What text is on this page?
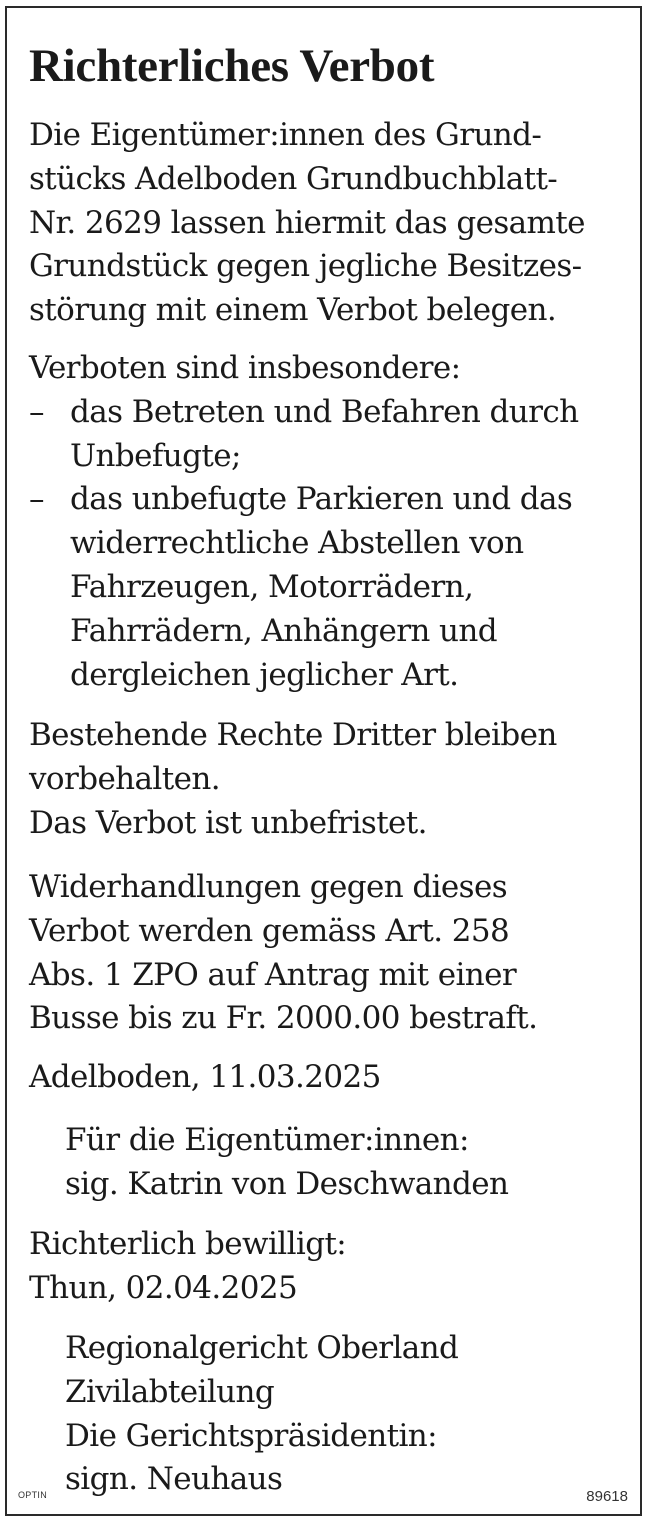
Richterliches Verbot

Die Eigentümer:innen des Grund-
stücks Adelboden Grundbuchblatt-
Nr. 2629 lassen hiermit das gesamte
Grundstück gegen jegliche Besitzes-
störung mit einem Verbot belegen.

Verboten sind insbesondere:
– das Betreten und Befahren durch
Unbefugte;
– das unbefugte Parkieren und das
widerrechtliche Abstellen von
Fahrzeugen, Motorrädern,
Fahrrädern, Anhängern und
dergleichen jeglicher Art.

Bestehende Rechte Dritter bleiben
vorbehalten.
Das Verbot ist unbefristet.

Widerhandlungen gegen dieses
Verbot werden gemäss Art. 258
Abs. 1 ZPO auf Antrag mit einer
Busse bis zu Fr. 2000.00 bestraft.

Adelboden, 11.03.2025

Für die Eigentümer:innen:
sig. Katrin von Deschwanden

Richterlich bewilligt:
Thun, 02.04.2025

Regionalgericht Oberland
Zivilabteilung
Die Gerichtspräsidentin:
sign. Neuhaus

OPTIN	89618
